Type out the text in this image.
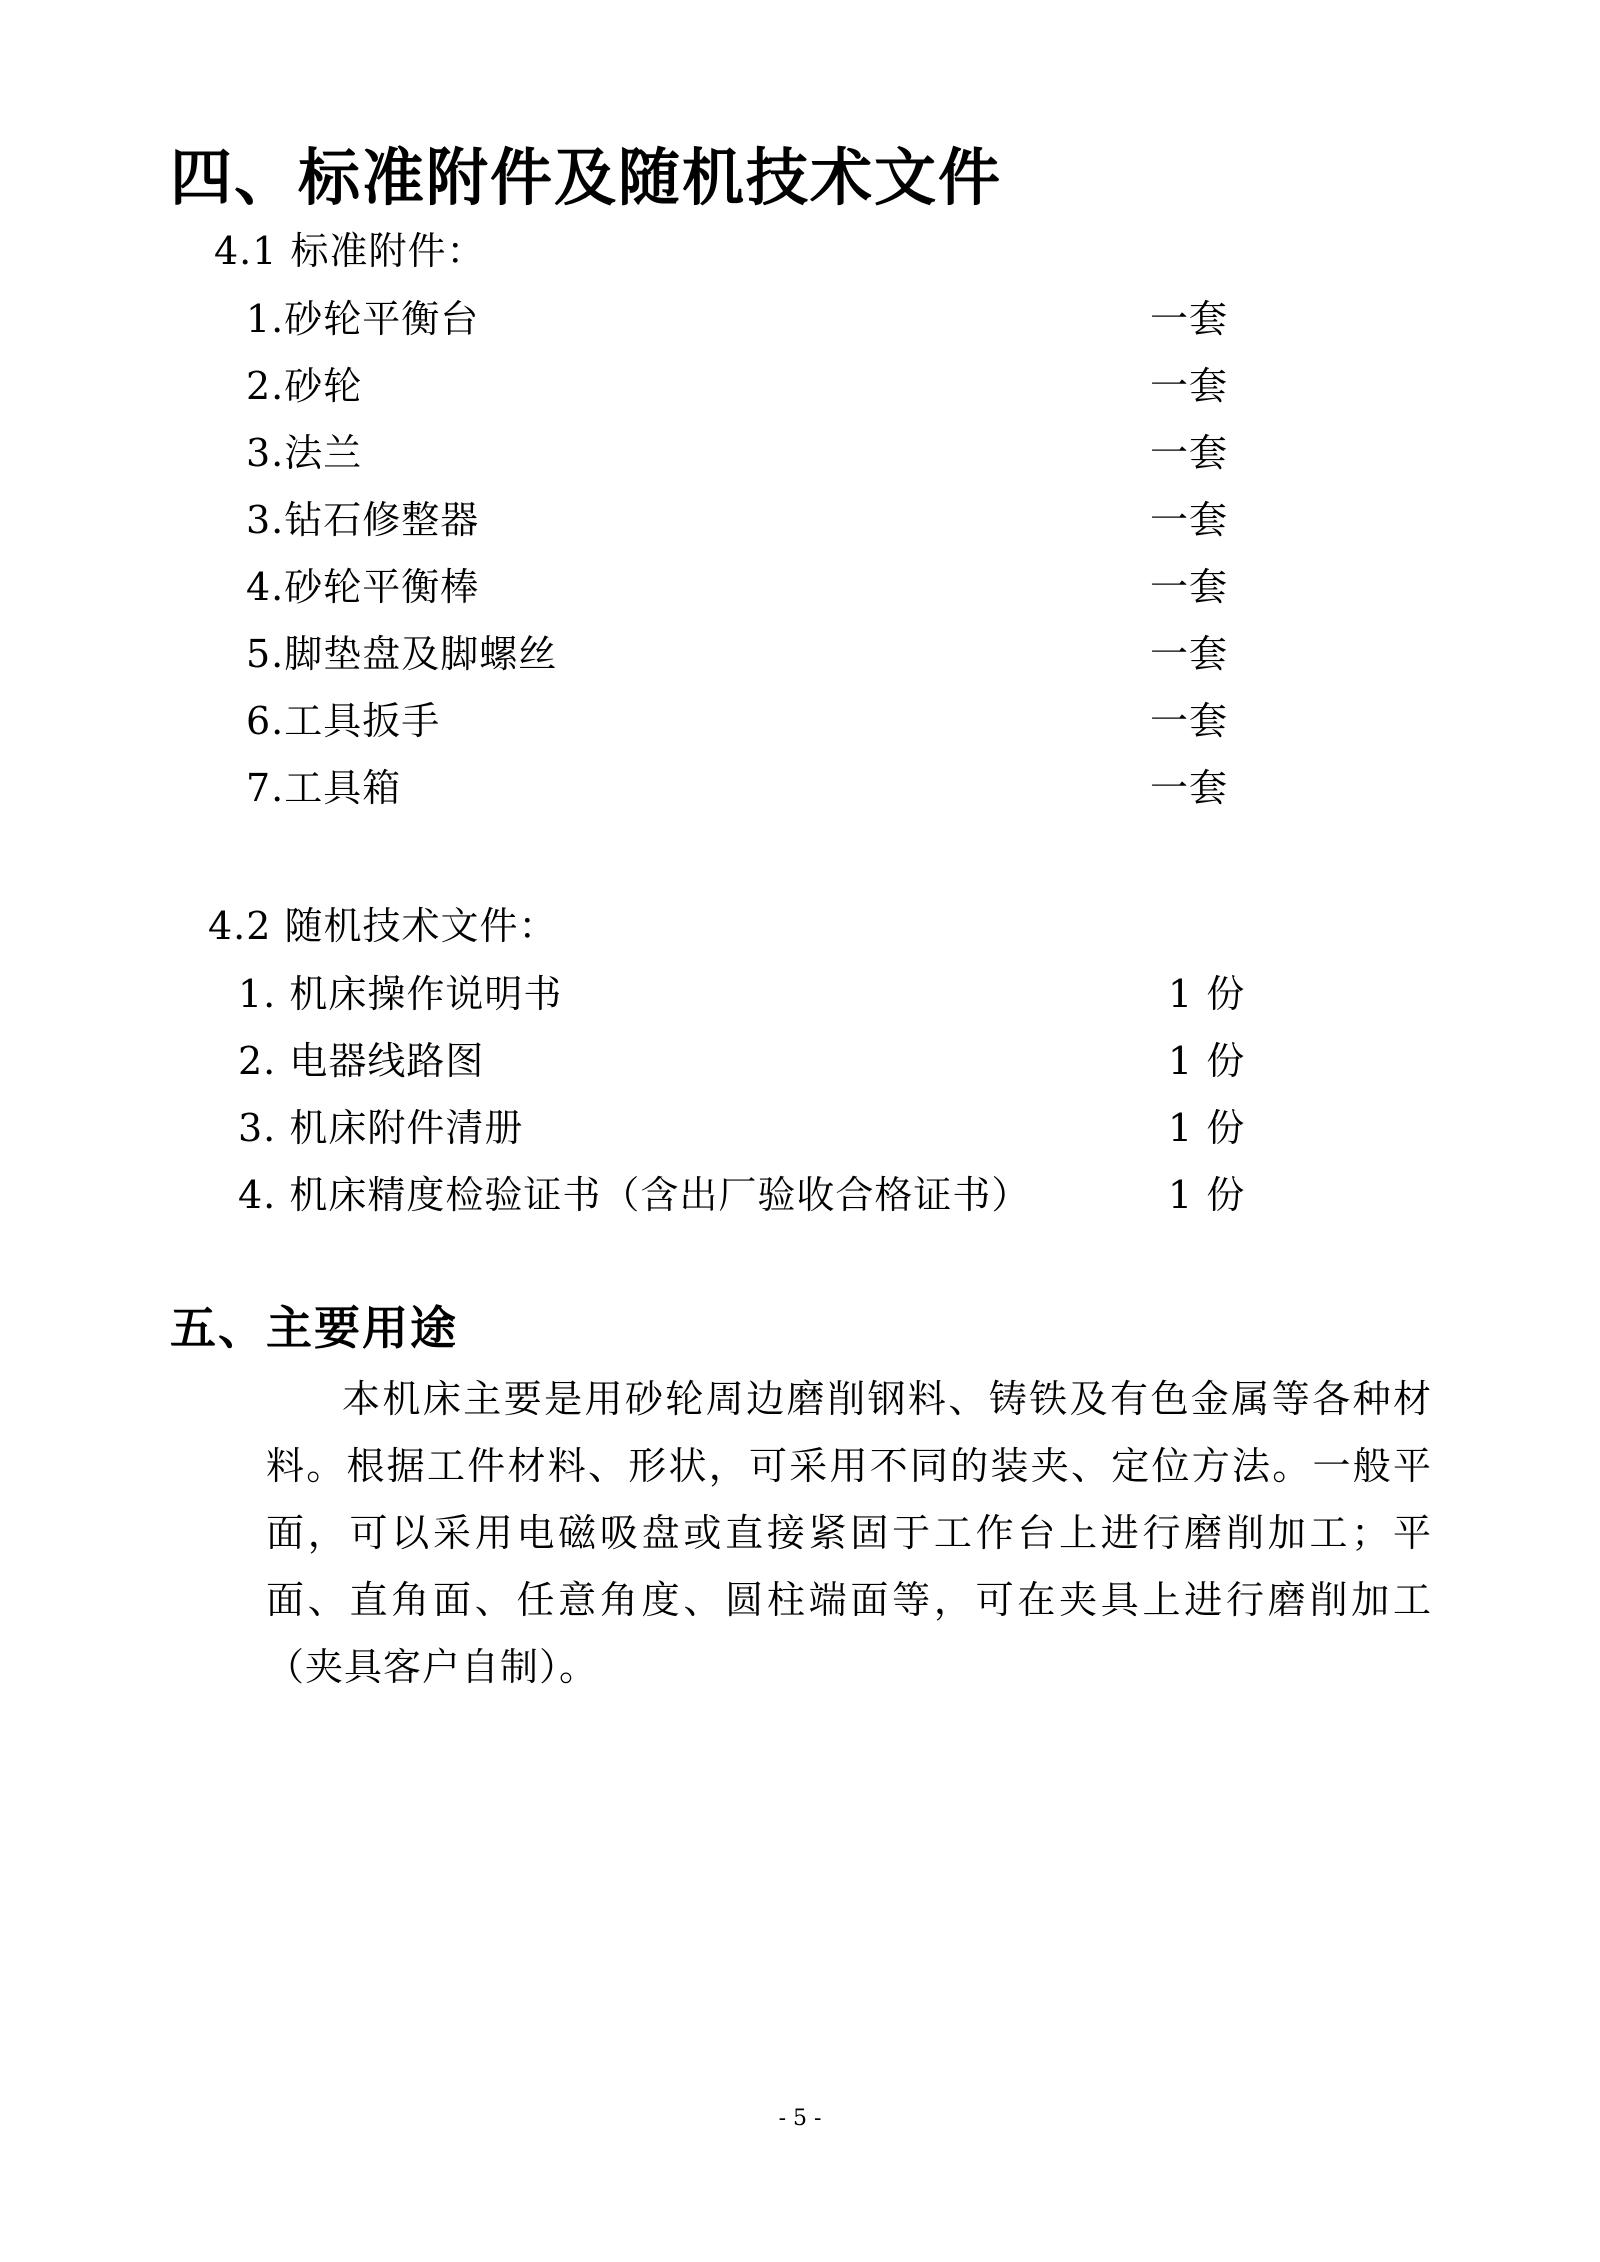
四、标准附件及随机技术文件
4.1 标准附件：
1.砂轮平衡台	一套
2.砂轮	一套
3.法兰	一套
3.钻石修整器	一套
4.砂轮平衡棒	一套
5.脚垫盘及脚螺丝	一套
6.工具扳手	一套
7.工具箱	一套
4.2 随机技术文件：
1. 机床操作说明书	1 份
2. 电器线路图	1 份
3. 机床附件清册	1 份
4. 机床精度检验证书（含出厂验收合格证书）	1 份
五、主要用途
本机床主要是用砂轮周边磨削钢料、铸铁及有色金属等各种材料。根据工件材料、形状，可采用不同的装夹、定位方法。一般平面，可以采用电磁吸盘或直接紧固于工作台上进行磨削加工；平面、直角面、任意角度、圆柱端面等，可在夹具上进行磨削加工（夹具客户自制）。
- 5 -
